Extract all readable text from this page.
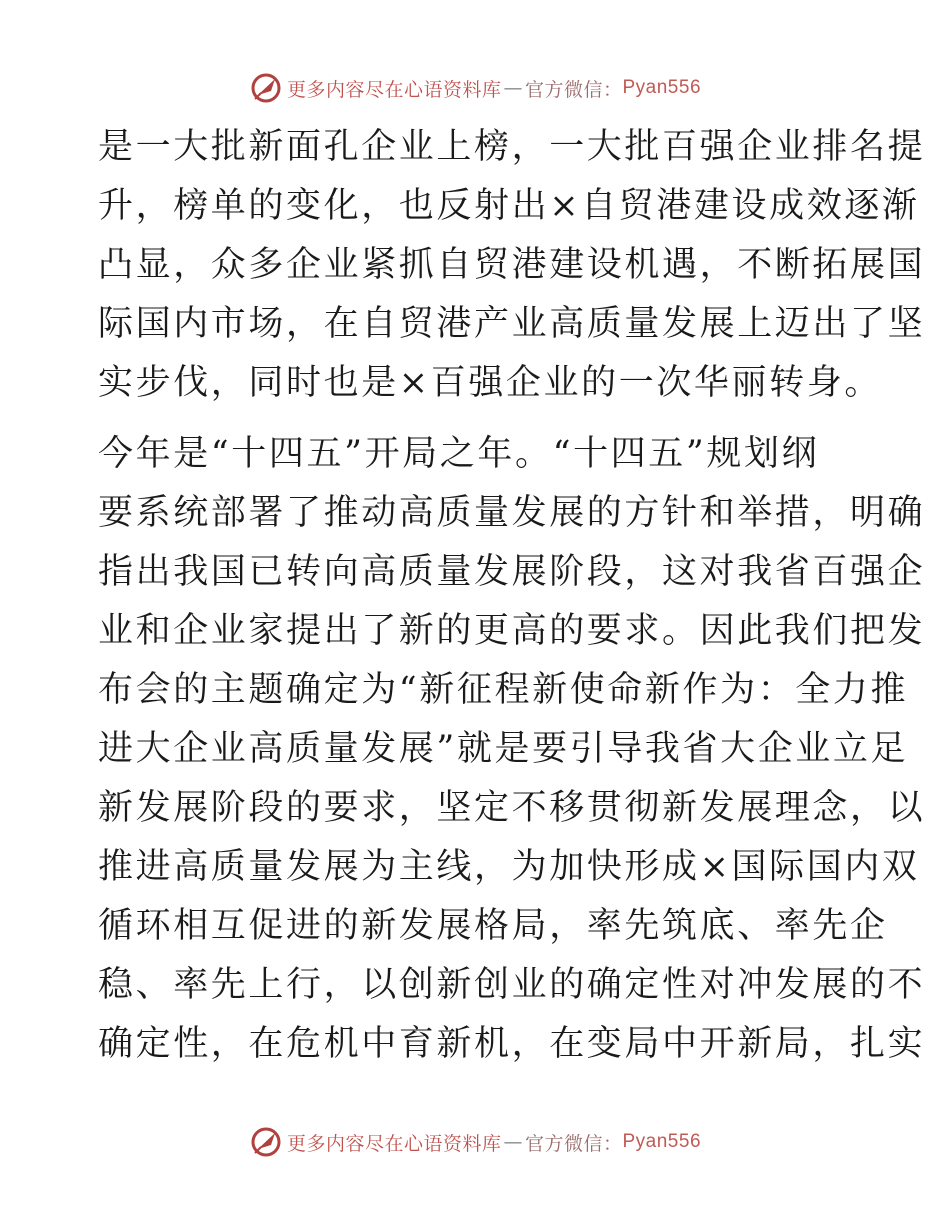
更多内容尽在心语资料库 — 官方微信： Pyan556
是一大批新面孔企业上榜，一大批百强企业排名提
升，榜单的变化，也反射出×自贸港建设成效逐渐
凸显，众多企业紧抓自贸港建设机遇，不断拓展国
际国内市场，在自贸港产业高质量发展上迈出了坚
实步伐，同时也是×百强企业的一次华丽转身。
今年是“十四五”开局之年。“十四五”规划纲
要系统部署了推动高质量发展的方针和举措，明确
指出我国已转向高质量发展阶段，这对我省百强企
业和企业家提出了新的更高的要求。因此我们把发
布会的主题确定为“新征程新使命新作为：全力推
进大企业高质量发展”就是要引导我省大企业立足
新发展阶段的要求，坚定不移贯彻新发展理念，以
推进高质量发展为主线，为加快形成×国际国内双
循环相互促进的新发展格局，率先筑底、率先企
稳、率先上行，以创新创业的确定性对冲发展的不
确定性，在危机中育新机，在变局中开新局，扎实
更多内容尽在心语资料库 — 官方微信： Pyan556
